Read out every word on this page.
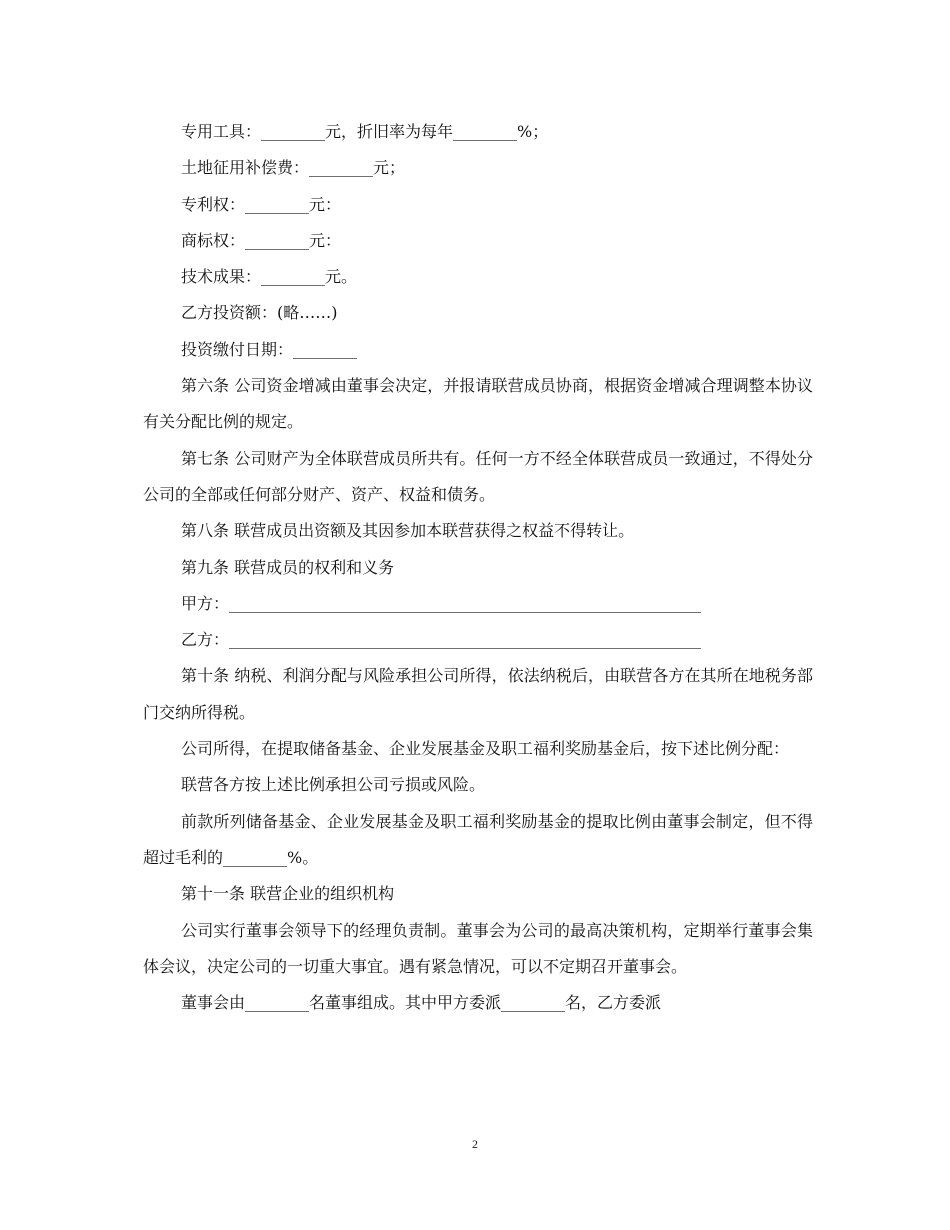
专用工具：________元，折旧率为每年________%；

土地征用补偿费：________元；

专利权：________元：

商标权：________元：

技术成果：________元。

乙方投资额：(略……)

投资缴付日期：________

第六条 公司资金增减由董事会决定，并报请联营成员协商，根据资金增减合理调整本协议有关分配比例的规定。

第七条 公司财产为全体联营成员所共有。任何一方不经全体联营成员一致通过，不得处分公司的全部或任何部分财产、资产、权益和债务。

第八条 联营成员出资额及其因参加本联营获得之权益不得转让。

第九条 联营成员的权利和义务

甲方：___________________________________________________________

乙方：___________________________________________________________

第十条 纳税、利润分配与风险承担公司所得，依法纳税后，由联营各方在其所在地税务部门交纳所得税。

公司所得，在提取储备基金、企业发展基金及职工福利奖励基金后，按下述比例分配：

联营各方按上述比例承担公司亏损或风险。

前款所列储备基金、企业发展基金及职工福利奖励基金的提取比例由董事会制定，但不得超过毛利的________%。

第十一条 联营企业的组织机构

公司实行董事会领导下的经理负责制。董事会为公司的最高决策机构，定期举行董事会集体会议，决定公司的一切重大事宜。遇有紧急情况，可以不定期召开董事会。

董事会由________名董事组成。其中甲方委派________名，乙方委派

2
